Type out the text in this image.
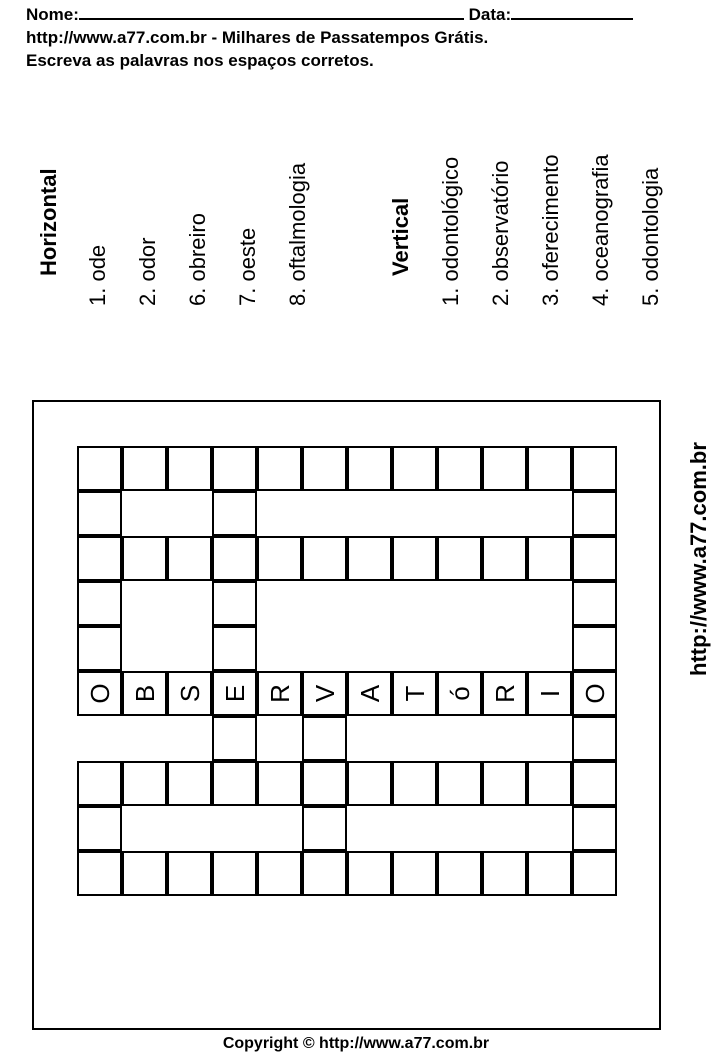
Nome:	Data:
http://www.a77.com.br - Milhares de Passatempos Grátis.
Escreva as palavras nos espaços corretos.
Horizontal 1. ode 2. odor 6. obreiro 7. oeste 8. oftalmologia	Vertical 1. odontológico 2. observatório 3. oferecimento 4. oceanografia 5. odontologia
O B S E R V A T ó R I O
http://www.a77.com.br
Copyright © http://www.a77.com.br
